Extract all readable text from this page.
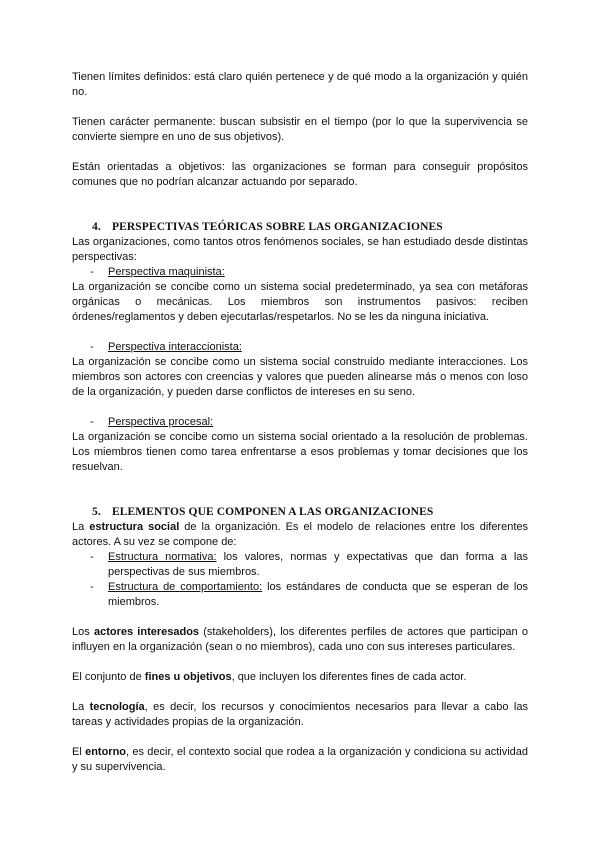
Tienen límites definidos: está claro quién pertenece y de qué modo a la organización y quién no.

Tienen carácter permanente: buscan subsistir en el tiempo (por lo que la supervivencia se convierte siempre en uno de sus objetivos).

Están orientadas a objetivos: las organizaciones se forman para conseguir propósitos comunes que no podrían alcanzar actuando por separado.

4. PERSPECTIVAS TEÓRICAS SOBRE LAS ORGANIZACIONES

Las organizaciones, como tantos otros fenómenos sociales, se han estudiado desde distintas perspectivas:

- Perspectiva maquinista:

La organización se concibe como un sistema social predeterminado, ya sea con metáforas orgánicas o mecánicas. Los miembros son instrumentos pasivos: reciben órdenes/reglamentos y deben ejecutarlas/respetarlos. No se les da ninguna iniciativa.

- Perspectiva interaccionista:

La organización se concibe como un sistema social construido mediante interacciones. Los miembros son actores con creencias y valores que pueden alinearse más o menos con loso de la organización, y pueden darse conflictos de intereses en su seno.

- Perspectiva procesal:

La organización se concibe como un sistema social orientado a la resolución de problemas. Los miembros tienen como tarea enfrentarse a esos problemas y tomar decisiones que los resuelvan.

5. ELEMENTOS QUE COMPONEN A LAS ORGANIZACIONES

La estructura social de la organización. Es el modelo de relaciones entre los diferentes actores. A su vez se compone de:

- Estructura normativa: los valores, normas y expectativas que dan forma a las perspectivas de sus miembros.
- Estructura de comportamiento: los estándares de conducta que se esperan de los miembros.

Los actores interesados (stakeholders), los diferentes perfiles de actores que participan o influyen en la organización (sean o no miembros), cada uno con sus intereses particulares.

El conjunto de fines u objetivos, que incluyen los diferentes fines de cada actor.

La tecnología, es decir, los recursos y conocimientos necesarios para llevar a cabo las tareas y actividades propias de la organización.

El entorno, es decir, el contexto social que rodea a la organización y condiciona su actividad y su supervivencia.
